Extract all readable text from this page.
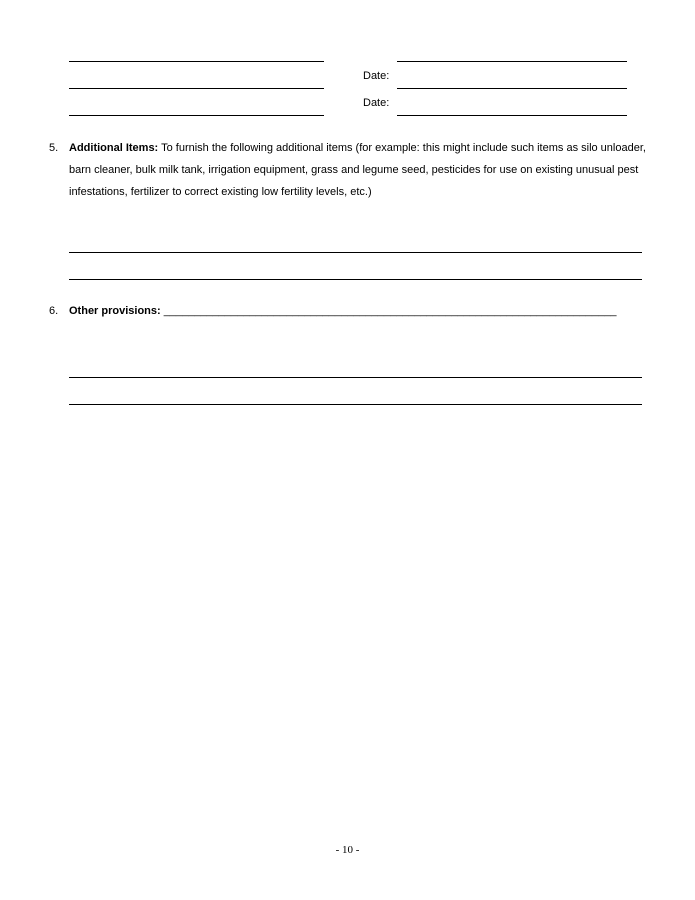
Date:
Date:
5. Additional Items: To furnish the following additional items (for example: this might include such items as silo unloader, barn cleaner, bulk milk tank, irrigation equipment, grass and legume seed, pesticides for use on existing unusual pest infestations, fertilizer to correct existing low fertility levels, etc.)
6. Other provisions: __________________________________________________________________________
- 10 -
